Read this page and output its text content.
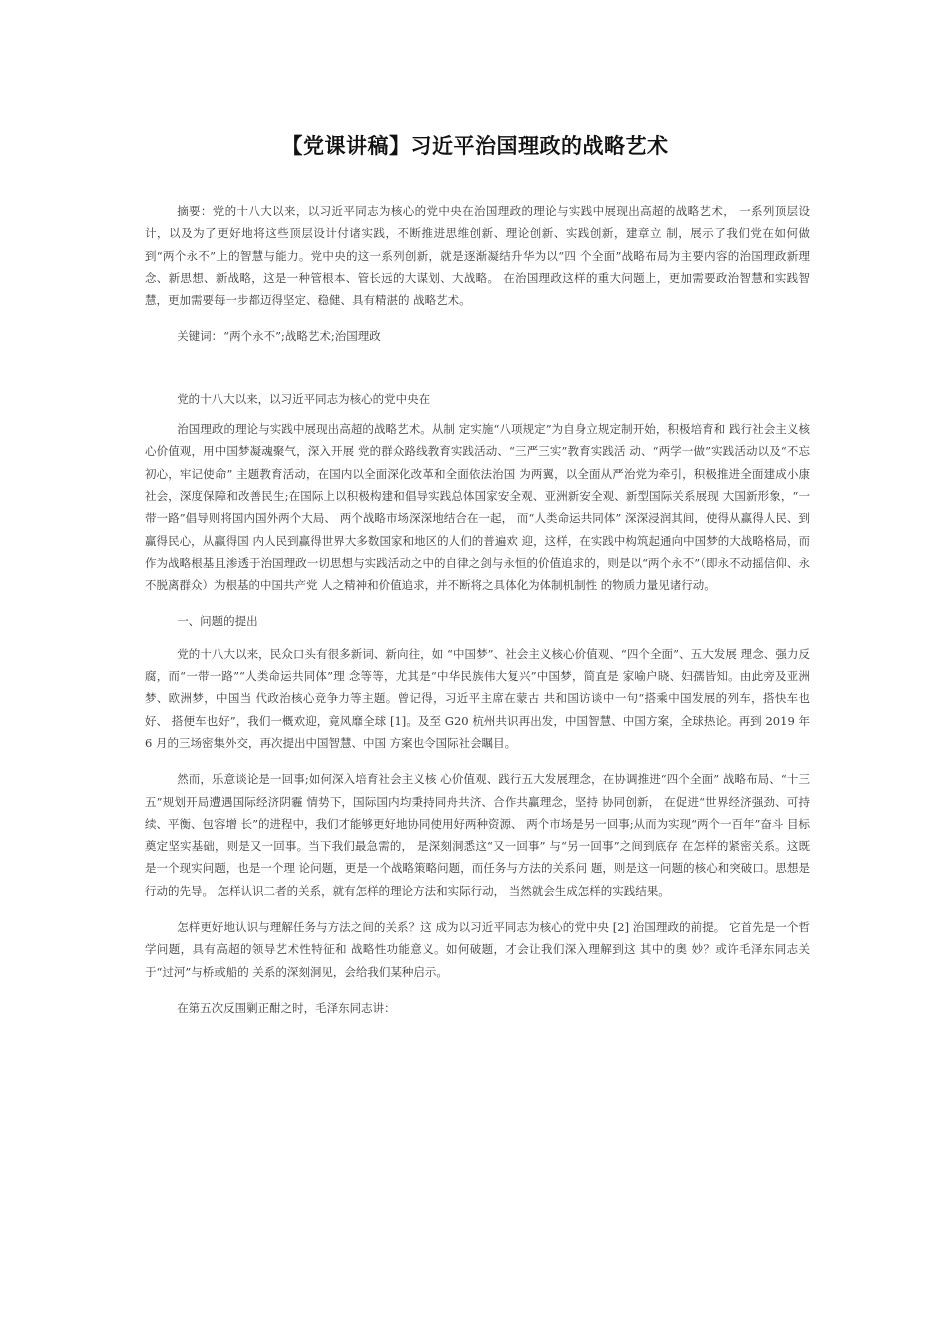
【党课讲稿】习近平治国理政的战略艺术

摘要：党的十八大以来，以习近平同志为核心的党中央在治国理政的理论与实践中展现出高超的战略艺术， 一系列顶层设计，以及为了更好地将这些顶层设计付诸实践，不断推进思维创新、理论创新、实践创新，建章立 制，展示了我们党在如何做到“两个永不”上的智慧与能力。党中央的这一系列创新，就是逐渐凝结升华为以“四 个全面”战略布局为主要内容的治国理政新理念、新思想、新战略，这是一种管根本、管长远的大谋划、大战略。 在治国理政这样的重大问题上，更加需要政治智慧和实践智慧，更加需要每一步都迈得坚定、稳健、具有精湛的 战略艺术。

关键词：“两个永不”;战略艺术;治国理政

党的十八大以来，以习近平同志为核心的党中央在

治国理政的理论与实践中展现出高超的战略艺术。从制 定实施“八项规定”为自身立规定制开始，积极培育和 践行社会主义核心价值观，用中国梦凝魂聚气，深入开展 党的群众路线教育实践活动、“三严三实”教育实践活 动、“两学一做”实践活动以及“不忘初心，牢记使命” 主题教育活动，在国内以全面深化改革和全面依法治国 为两翼，以全面从严治党为牵引，积极推进全面建成小康社会，深度保障和改善民生;在国际上以积极构建和倡导实践总体国家安全观、亚洲新安全观、新型国际关系展现 大国新形象，“一带一路”倡导则将国内国外两个大局、 两个战略市场深深地结合在一起， 而“人类命运共同体” 深深浸润其间，使得从赢得人民、到赢得民心，从赢得国 内人民到赢得世界大多数国家和地区的人们的普遍欢 迎，这样，在实践中构筑起通向中国梦的大战略格局，而 作为战略根基且渗透于治国理政一切思想与实践活动之中的自律之剑与永恒的价值追求的，则是以“两个永不”（即永不动摇信仰、永不脱离群众）为根基的中国共产党 人之精神和价值追求，并不断将之具体化为体制机制性 的物质力量见诸行动。

一、问题的提出

党的十八大以来，民众口头有很多新词、新向往，如 “中国梦”、社会主义核心价值观、“四个全面”、五大发展 理念、强力反腐，而“一带一路”“人类命运共同体”理 念等等，尤其是“中华民族伟大复兴”中国梦，简直是 家喻户晓、妇孺皆知。由此旁及亚洲梦、欧洲梦，中国当 代政治核心竞争力等主题。曾记得，习近平主席在蒙古 共和国访谈中一句“搭乘中国发展的列车，搭快车也好、 搭便车也好”，我们一概欢迎，竟风靡全球 [1]。及至 G20 杭州共识再出发，中国智慧、中国方案，全球热论。再到 2019 年 6 月的三场密集外交，再次提出中国智慧、中国 方案也令国际社会瞩目。

然而，乐意谈论是一回事;如何深入培育社会主义核 心价值观、践行五大发展理念，在协调推进“四个全面” 战略布局、“十三五”规划开局遭遇国际经济阴霾 情势下，国际国内均秉持同舟共济、合作共赢理念，坚持 协同创新， 在促进“世界经济强劲、可持续、平衡、包容增 长”的进程中，我们才能够更好地协同使用好两种资源、 两个市场是另一回事;从而为实现“两个一百年”奋斗 目标奠定坚实基础，则是又一回事。当下我们最急需的， 是深刻洞悉这“又一回事” 与“另一回事”之间到底存 在怎样的紧密关系。这既是一个现实问题，也是一个理 论问题，更是一个战略策略问题，而任务与方法的关系问 题，则是这一问题的核心和突破口。思想是行动的先导。 怎样认识二者的关系，就有怎样的理论方法和实际行动， 当然就会生成怎样的实践结果。

怎样更好地认识与理解任务与方法之间的关系？这 成为以习近平同志为核心的党中央 [2] 治国理政的前提。 它首先是一个哲学问题，具有高超的领导艺术性特征和 战略性功能意义。如何破题，才会让我们深入理解到这 其中的奥 妙？或许毛泽东同志关于“过河”与桥或船的 关系的深刻洞见，会给我们某种启示。

在第五次反围剿正酣之时，毛泽东同志讲：
